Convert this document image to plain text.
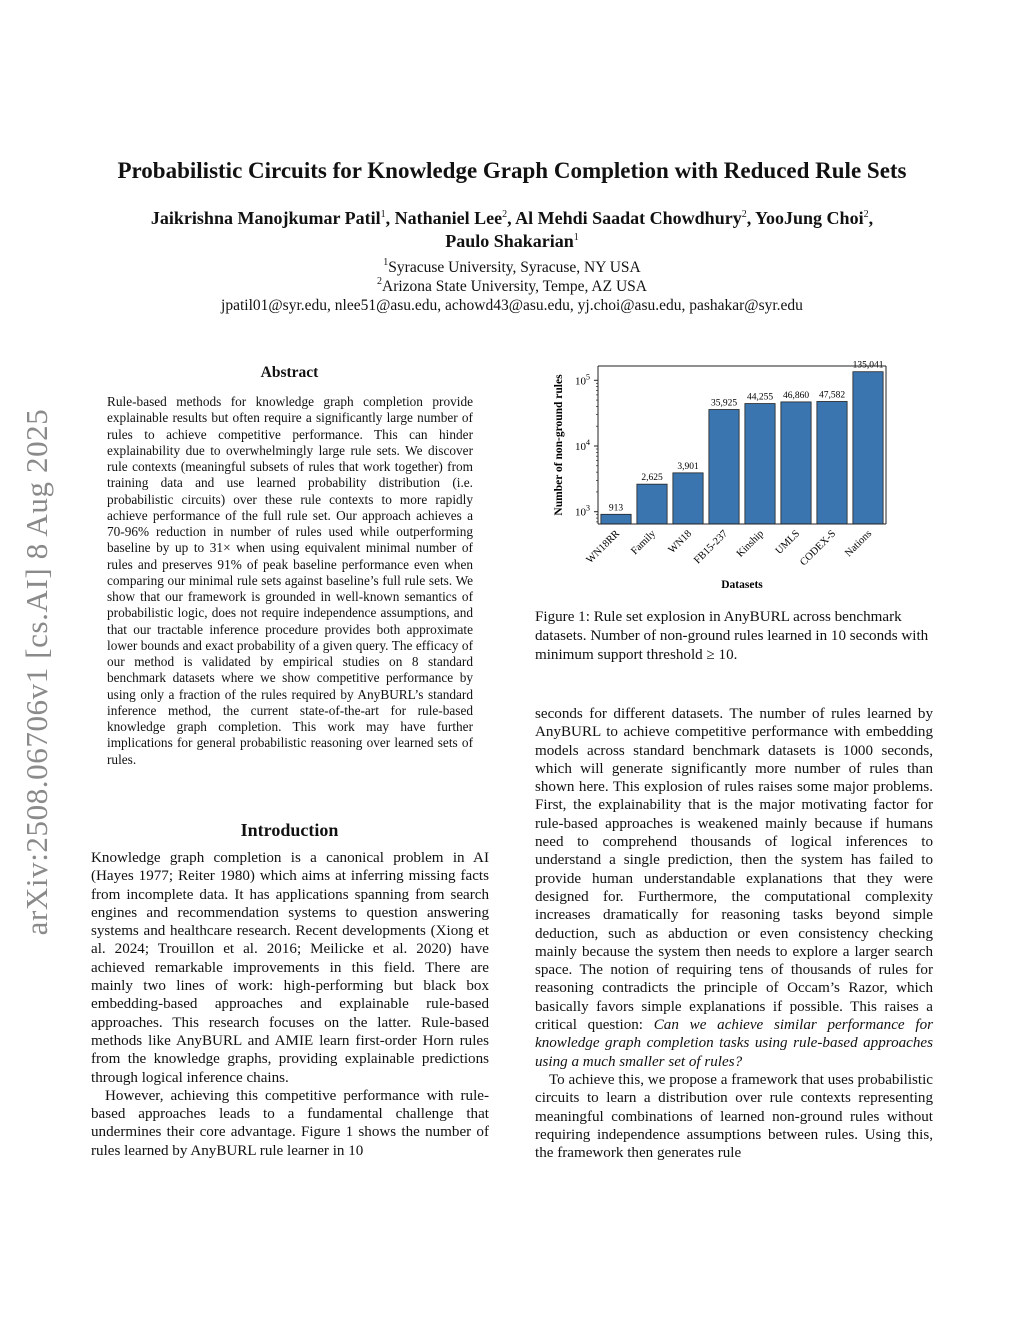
arXiv:2508.06706v1 [cs.AI] 8 Aug 2025
Probabilistic Circuits for Knowledge Graph Completion with Reduced Rule Sets
Jaikrishna Manojkumar Patil$^1$, Nathaniel Lee$^2$, Al Mehdi Saadat Chowdhury$^2$, YooJung Choi$^2$,
Paulo Shakarian$^1$
$^1$Syracuse University, Syracuse, NY USA
$^2$Arizona State University, Tempe, AZ USA
jpatil01@syr.edu, nlee51@asu.edu, achowd43@asu.edu, yj.choi@asu.edu, pashakar@syr.edu
Abstract
Rule-based methods for knowledge graph completion provide explainable results but often require a significantly large number of rules to achieve competitive performance. This can hinder explainability due to overwhelmingly large rule sets. We discover rule contexts (meaningful subsets of rules that work together) from training data and use learned probability distribution (i.e. probabilistic circuits) over these rule contexts to more rapidly achieve performance of the full rule set. Our approach achieves a 70-96% reduction in number of rules used while outperforming baseline by up to 31× when using equivalent minimal number of rules and preserves 91% of peak baseline performance even when comparing our minimal rule sets against baseline’s full rule sets. We show that our framework is grounded in well-known semantics of probabilistic logic, does not require independence assumptions, and that our tractable inference procedure provides both approximate lower bounds and exact probability of a given query. The efficacy of our method is validated by empirical studies on 8 standard benchmark datasets where we show competitive performance by using only a fraction of the rules required by AnyBURL’s standard inference method, the current state-of-the-art for rule-based knowledge graph completion. This work may have further implications for general probabilistic reasoning over learned sets of rules.
Introduction

Knowledge graph completion is a canonical problem in AI (Hayes 1977; Reiter 1980) which aims at inferring missing facts from incomplete data. It has applications spanning from search engines and recommendation systems to question answering systems and healthcare research. Recent developments (Xiong et al. 2024; Trouillon et al. 2016; Meilicke et al. 2020) have achieved remarkable improvements in this field. There are mainly two lines of work: high-performing but black box embedding-based approaches and explainable rule-based approaches. This research focuses on the latter. Rule-based methods like AnyBURL and AMIE learn first-order Horn rules from the knowledge graphs, providing explainable predictions through logical inference chains.

However, achieving this competitive performance with rule-based approaches leads to a fundamental challenge that undermines their core advantage. Figure 1 shows the number of rules learned by AnyBURL rule learner in 10

913
2,625
3,901
35,925
44,255 46,860 47,582
135,041
WN18RR Family WN18
FB15-237 Kinship UMLS
CODEX-S Nations
$10^3$
$10^4$
$10^5$
Number of non-ground rules
Datasets
Figure 1: Rule set explosion in AnyBURL across benchmark datasets. Number of non-ground rules learned in 10 seconds with minimum support threshold ≥ 10.

seconds for different datasets. The number of rules learned by AnyBURL to achieve competitive performance with embedding models across standard benchmark datasets is 1000 seconds, which will generate significantly more number of rules than shown here. This explosion of rules raises some major problems. First, the explainability that is the major motivating factor for rule-based approaches is weakened mainly because if humans need to comprehend thousands of logical inferences to understand a single prediction, then the system has failed to provide human understandable explanations that they were designed for. Furthermore, the computational complexity increases dramatically for reasoning tasks beyond simple deduction, such as abduction or even consistency checking mainly because the system then needs to explore a larger search space. The notion of requiring tens of thousands of rules for reasoning contradicts the principle of Occam’s Razor, which basically favors simple explanations if possible. This raises a critical question: Can we achieve similar performance for knowledge graph completion tasks using rule-based approaches using a much smaller set of rules?

To achieve this, we propose a framework that uses probabilistic circuits to learn a distribution over rule contexts representing meaningful combinations of learned non-ground rules without requiring independence assumptions between rules. Using this, the framework then generates rule
